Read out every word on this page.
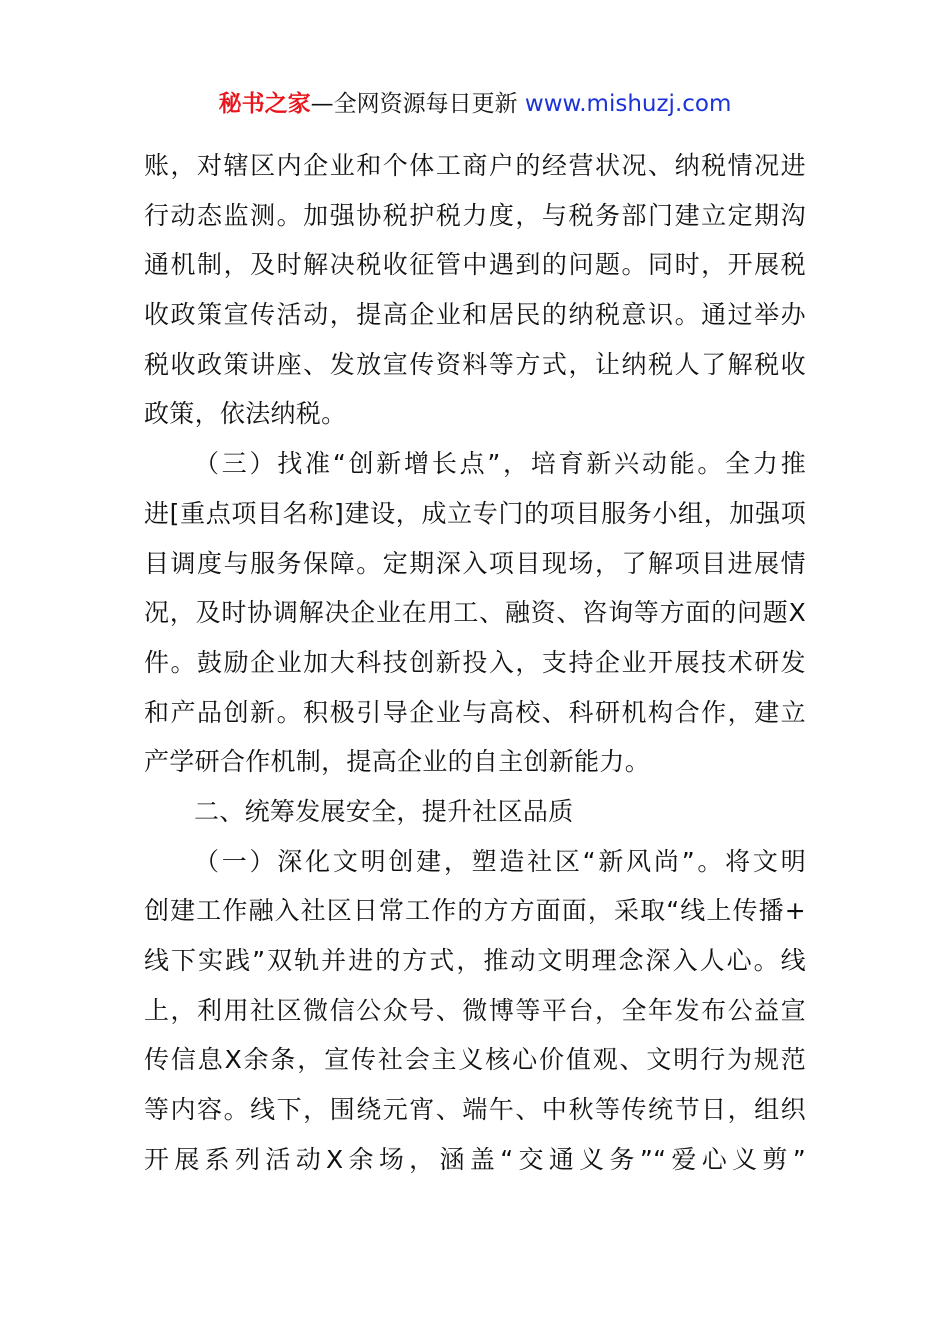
秘书之家—全网资源每日更新 www.mishuzj.com
账，对辖区内企业和个体工商户的经营状况、纳税情况进
行动态监测。加强协税护税力度，与税务部门建立定期沟
通机制，及时解决税收征管中遇到的问题。同时，开展税
收政策宣传活动，提高企业和居民的纳税意识。通过举办
税收政策讲座、发放宣传资料等方式，让纳税人了解税收
政策，依法纳税。
（三）找准“创新增长点”，培育新兴动能。全力推
进[重点项目名称]建设，成立专门的项目服务小组，加强项
目调度与服务保障。定期深入项目现场，了解项目进展情
况，及时协调解决企业在用工、融资、咨询等方面的问题X
件。鼓励企业加大科技创新投入，支持企业开展技术研发
和产品创新。积极引导企业与高校、科研机构合作，建立
产学研合作机制，提高企业的自主创新能力。
二、统筹发展安全，提升社区品质
（一）深化文明创建，塑造社区“新风尚”。将文明
创建工作融入社区日常工作的方方面面，采取“线上传播+
线下实践”双轨并进的方式，推动文明理念深入人心。线
上，利用社区微信公众号、微博等平台，全年发布公益宣
传信息X余条，宣传社会主义核心价值观、文明行为规范
等内容。线下，围绕元宵、端午、中秋等传统节日，组织
开展系列活动X余场，涵盖“交通义务”“爱心义剪”
